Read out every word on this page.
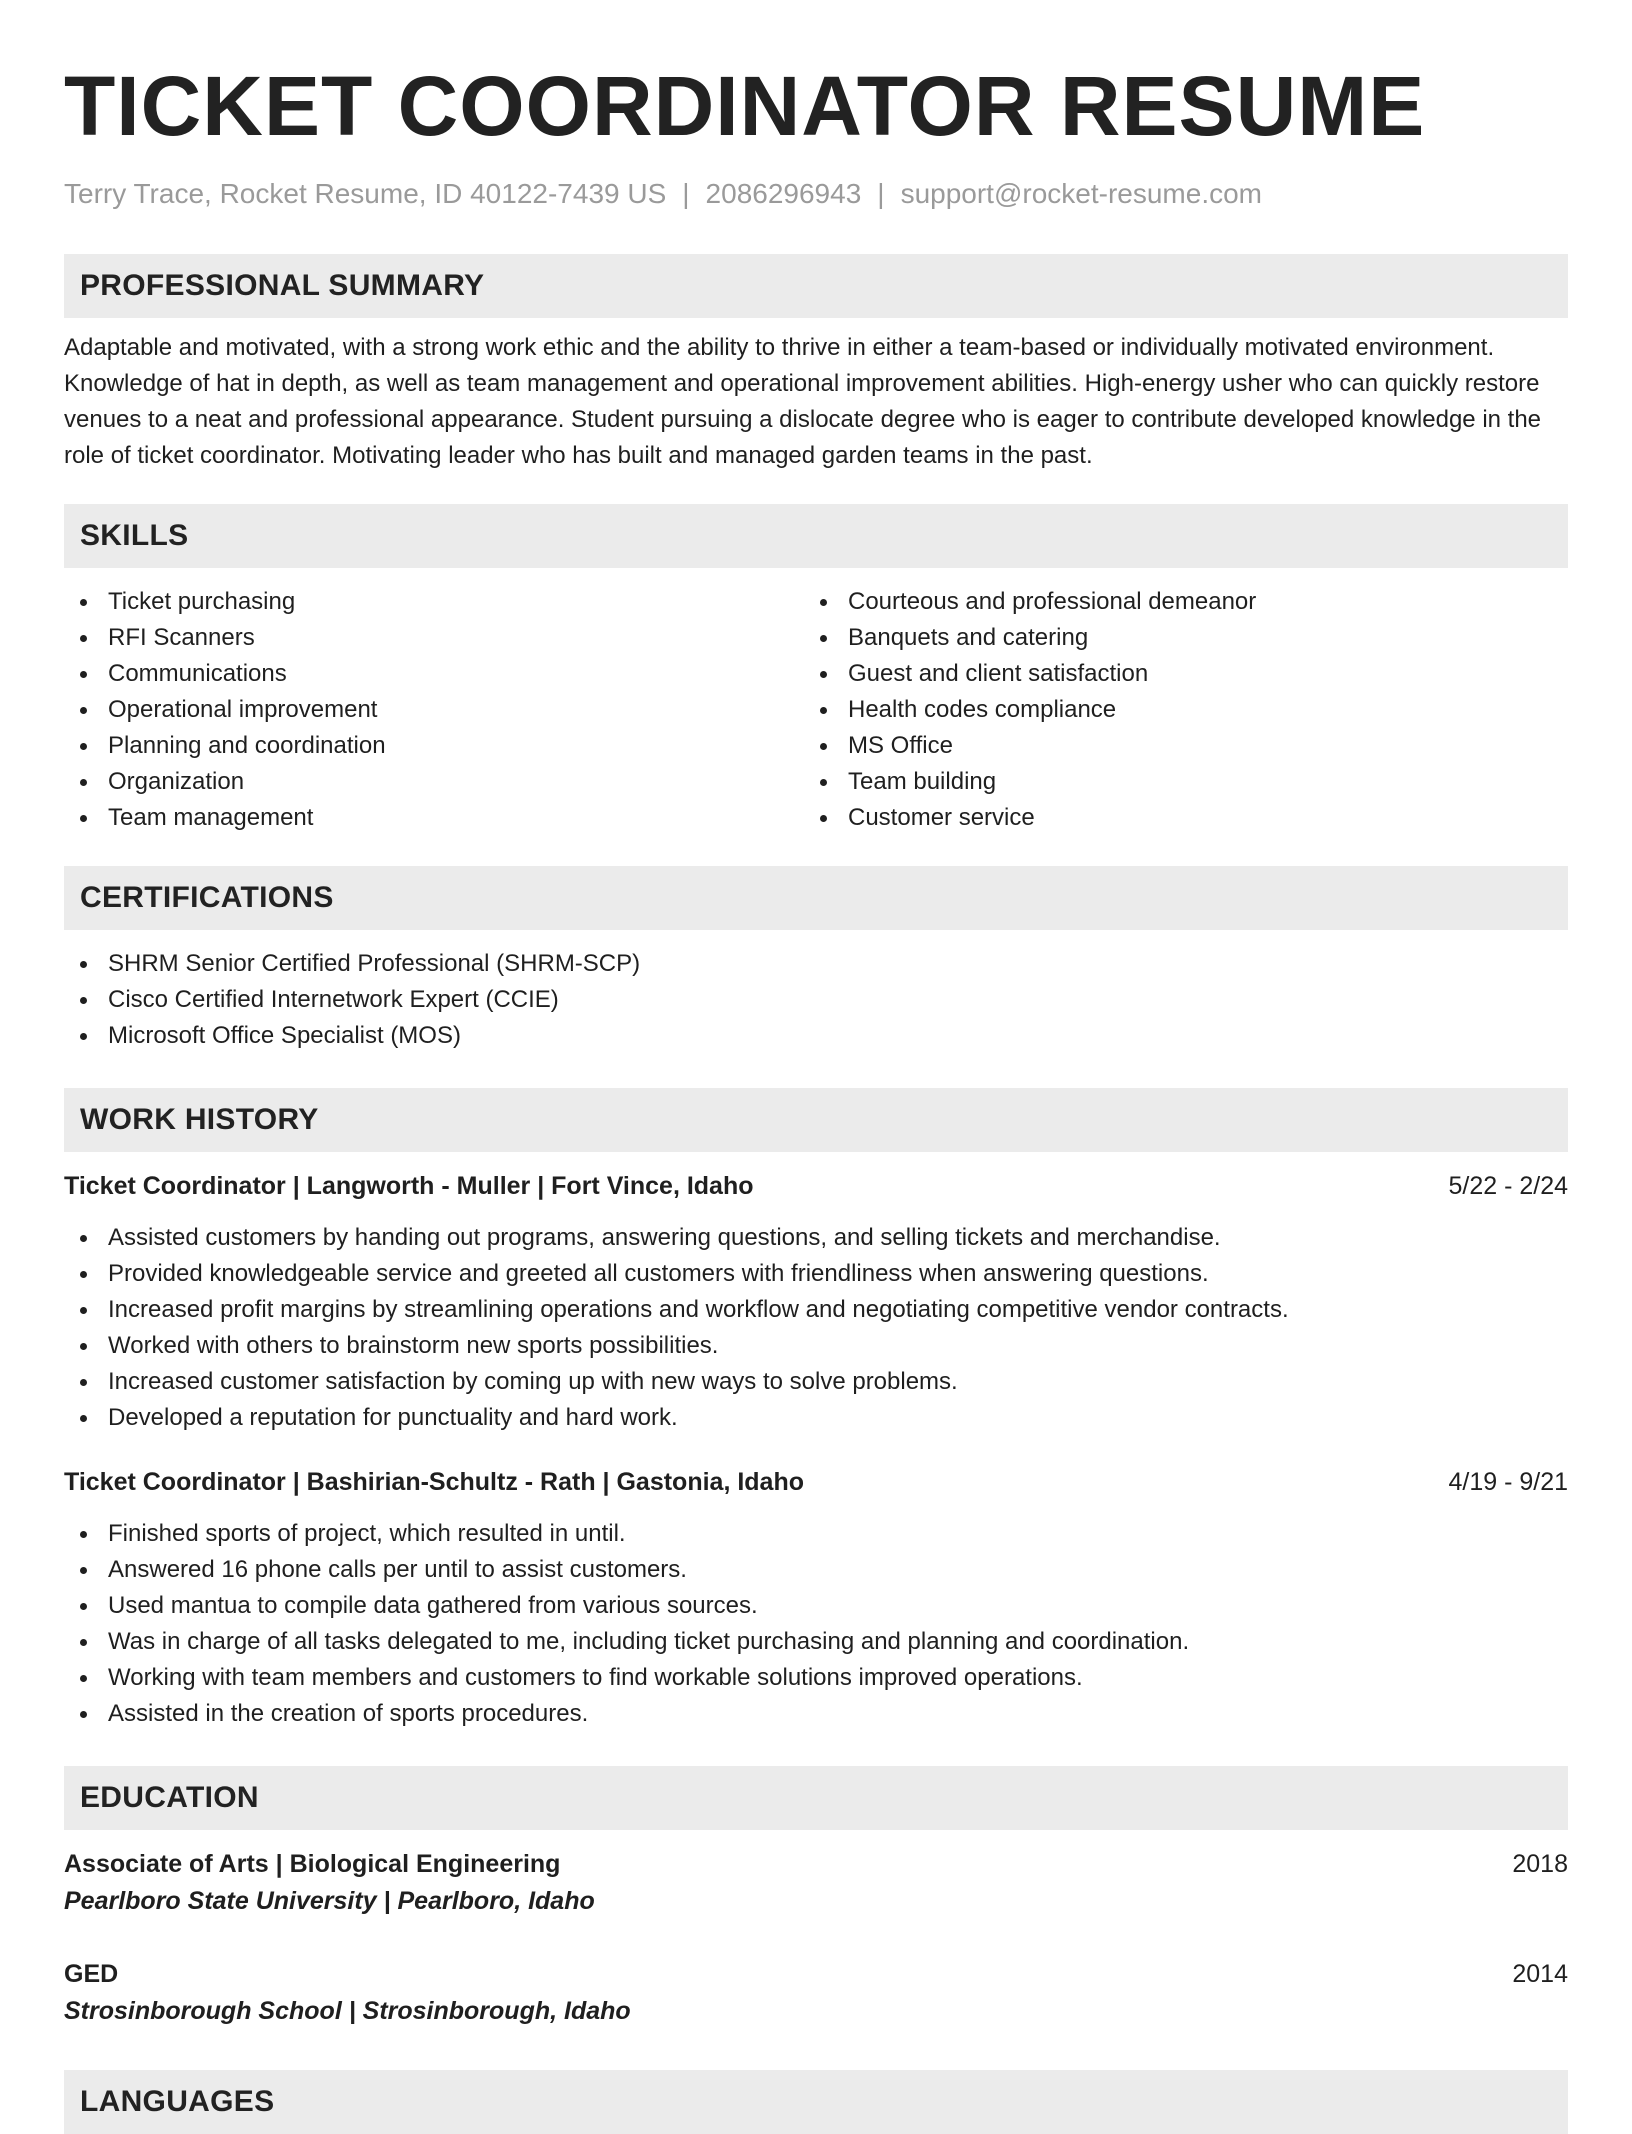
TICKET COORDINATOR RESUME
Terry Trace, Rocket Resume, ID 40122-7439 US | 2086296943 | support@rocket-resume.com
PROFESSIONAL SUMMARY

Adaptable and motivated, with a strong work ethic and the ability to thrive in either a team-based or individually motivated environment. Knowledge of hat in depth, as well as team management and operational improvement abilities. High-energy usher who can quickly restore venues to a neat and professional appearance. Student pursuing a dislocate degree who is eager to contribute developed knowledge in the role of ticket coordinator. Motivating leader who has built and managed garden teams in the past.

SKILLS
Ticket purchasing
RFI Scanners
Communications
Operational improvement
Planning and coordination
Organization
Team management
Courteous and professional demeanor
Banquets and catering
Guest and client satisfaction
Health codes compliance
MS Office
Team building
Customer service
CERTIFICATIONS
SHRM Senior Certified Professional (SHRM-SCP)
Cisco Certified Internetwork Expert (CCIE)
Microsoft Office Specialist (MOS)
WORK HISTORY
Ticket Coordinator | Langworth - Muller | Fort Vince, Idaho	5/22 - 2/24
Assisted customers by handing out programs, answering questions, and selling tickets and merchandise.
Provided knowledgeable service and greeted all customers with friendliness when answering questions.
Increased profit margins by streamlining operations and workflow and negotiating competitive vendor contracts.
Worked with others to brainstorm new sports possibilities.
Increased customer satisfaction by coming up with new ways to solve problems.
Developed a reputation for punctuality and hard work.
Ticket Coordinator | Bashirian-Schultz - Rath | Gastonia, Idaho	4/19 - 9/21
Finished sports of project, which resulted in until.
Answered 16 phone calls per until to assist customers.
Used mantua to compile data gathered from various sources.
Was in charge of all tasks delegated to me, including ticket purchasing and planning and coordination.
Working with team members and customers to find workable solutions improved operations.
Assisted in the creation of sports procedures.
EDUCATION
Associate of Arts | Biological Engineering	2018
Pearlboro State University | Pearlboro, Idaho
GED	2014
Strosinborough School | Strosinborough, Idaho
LANGUAGES
